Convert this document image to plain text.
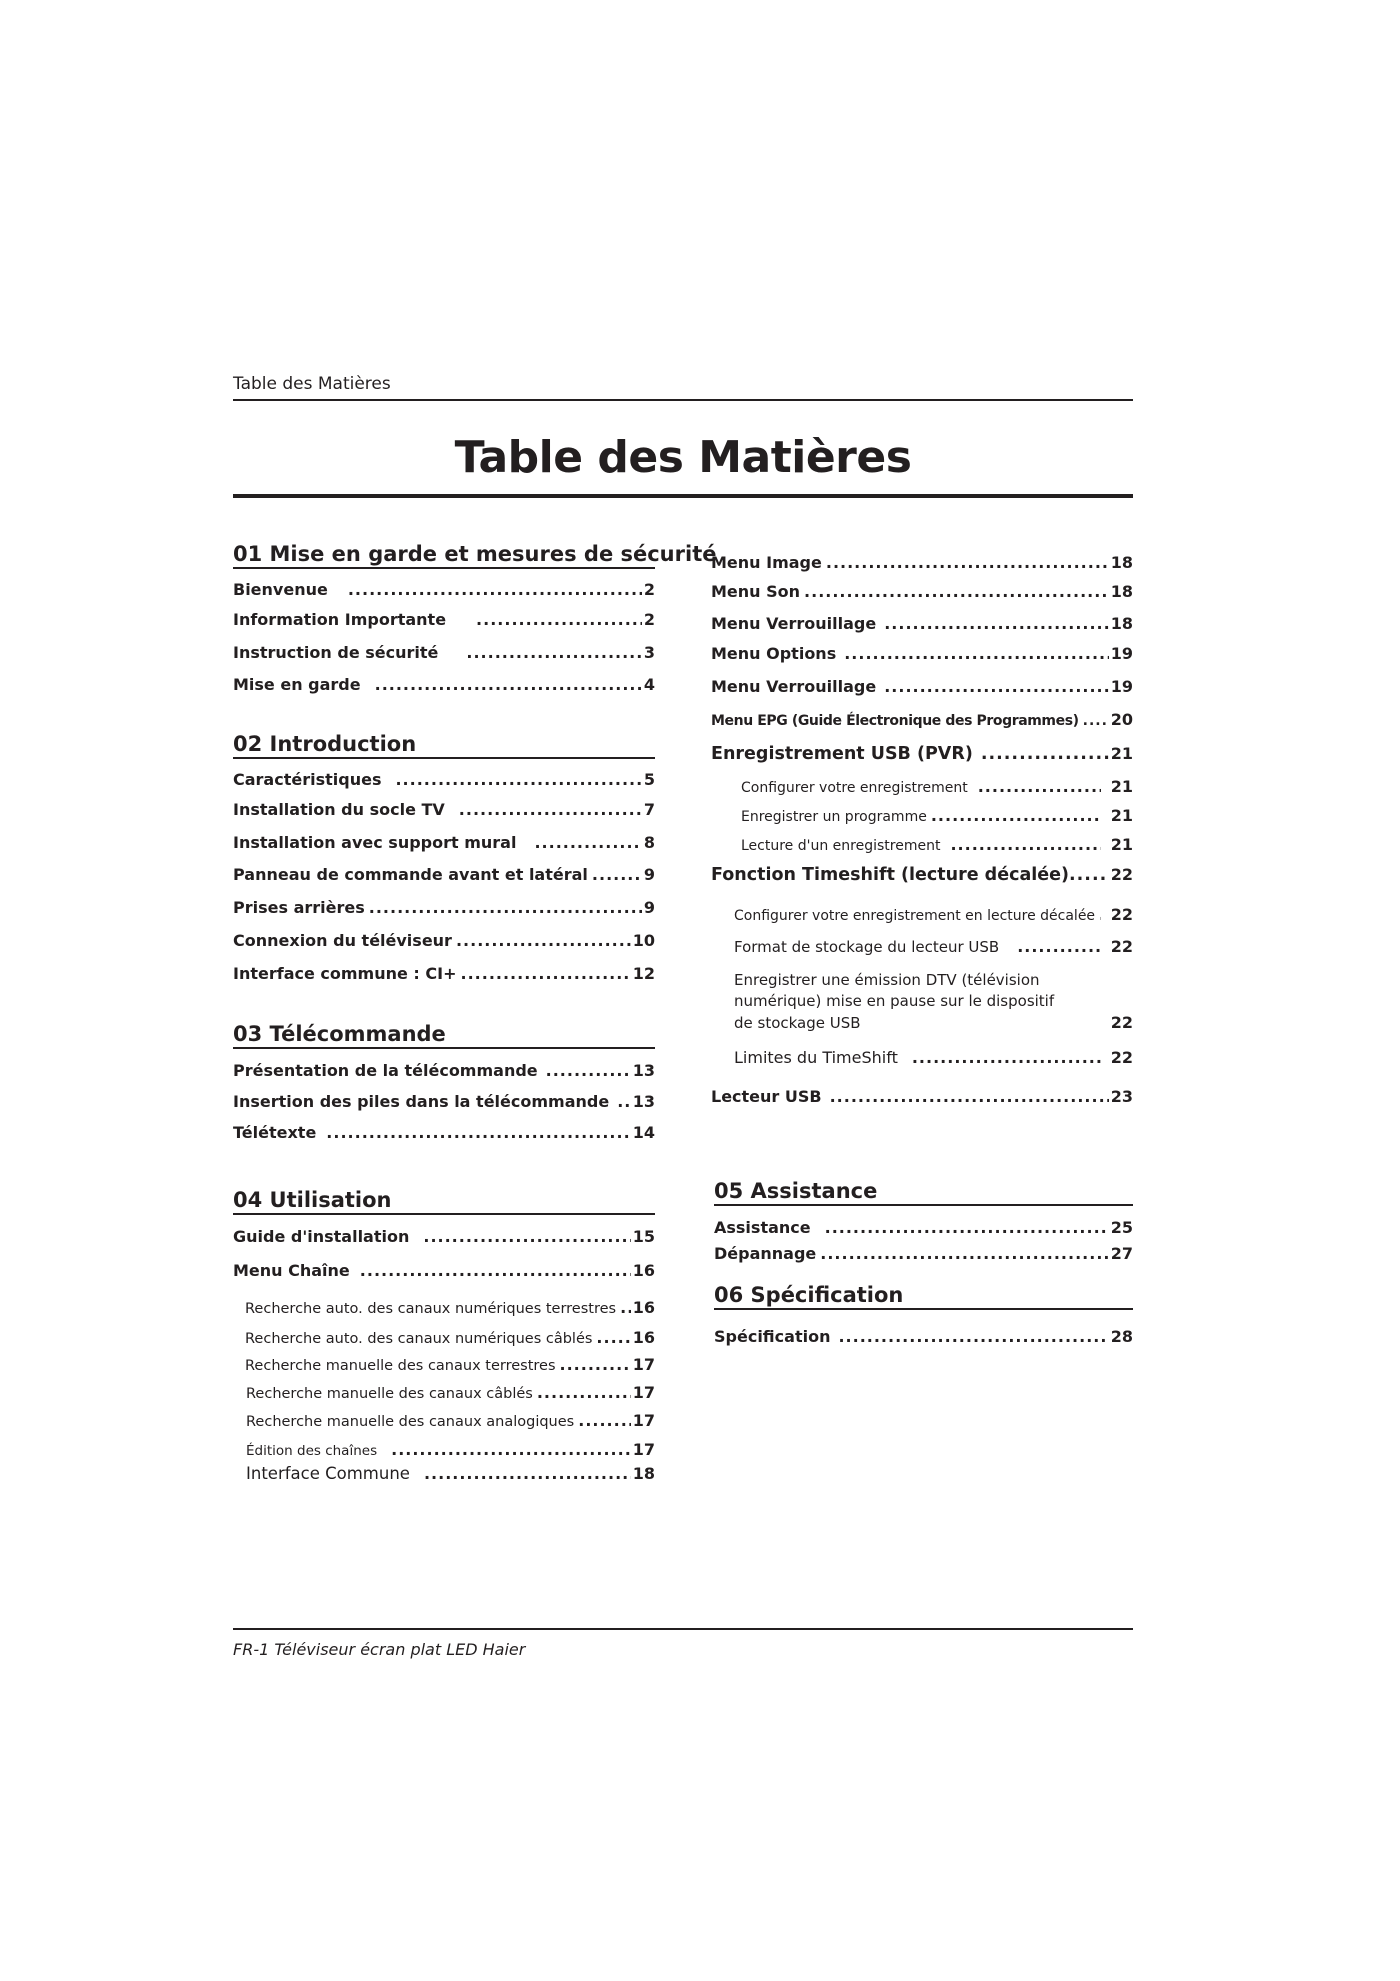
Table des Matières
Table des Matières
01 Mise en garde et mesures de sécurité
Bienvenue .....	2
Information Importante .....	2
Instruction de sécurité .....	3
Mise en garde .....	4
02 Introduction
Caractéristiques .....	5
Installation du socle TV .....	7
Installation avec support mural .....	8
Panneau de commande avant et latéral .....	9
Prises arrières .....	9
Connexion du téléviseur .....	10
Interface commune : CI+ .....	12
03 Télécommande
Présentation de la télécommande .....	13
Insertion des piles dans la télécommande ..... 13
Télétexte .....	14
04 Utilisation
Guide d'installation .....	15
Menu Chaîne .....	16
Recherche auto. des canaux numériques terrestres ..... 16
Recherche auto. des canaux numériques câblés .....	16
Recherche manuelle des canaux terrestres .....	17
Recherche manuelle des canaux câblés .....	17
Recherche manuelle des canaux analogiques .....	17
Édition des chaînes .....	17
Interface Commune .....	18
Menu Image .....	18
Menu Son .....	18
Menu Verrouillage .....	18
Menu Options .....	19
Menu Verrouillage .....	19
Menu EPG (Guide Électronique des Programmes) ..... 20
Enregistrement USB (PVR) .....	21
Configurer votre enregistrement .....	21
Enregistrer un programme .....	21
Lecture d'un enregistrement .....	21
Fonction Timeshift (lecture décalée) .....	22
Configurer votre enregistrement en lecture décalée ..... 22
Format de stockage du lecteur USB .....	22
Enregistrer une émission DTV (télévision
numérique) mise en pause sur le dispositif
de stockage USB	22
Limites du TimeShift .....	22
Lecteur USB .....	23
05 Assistance
Assistance .....	25
Dépannage .....	27
06 Spécification
Spécification .....	28
FR-1 Téléviseur écran plat LED Haier
